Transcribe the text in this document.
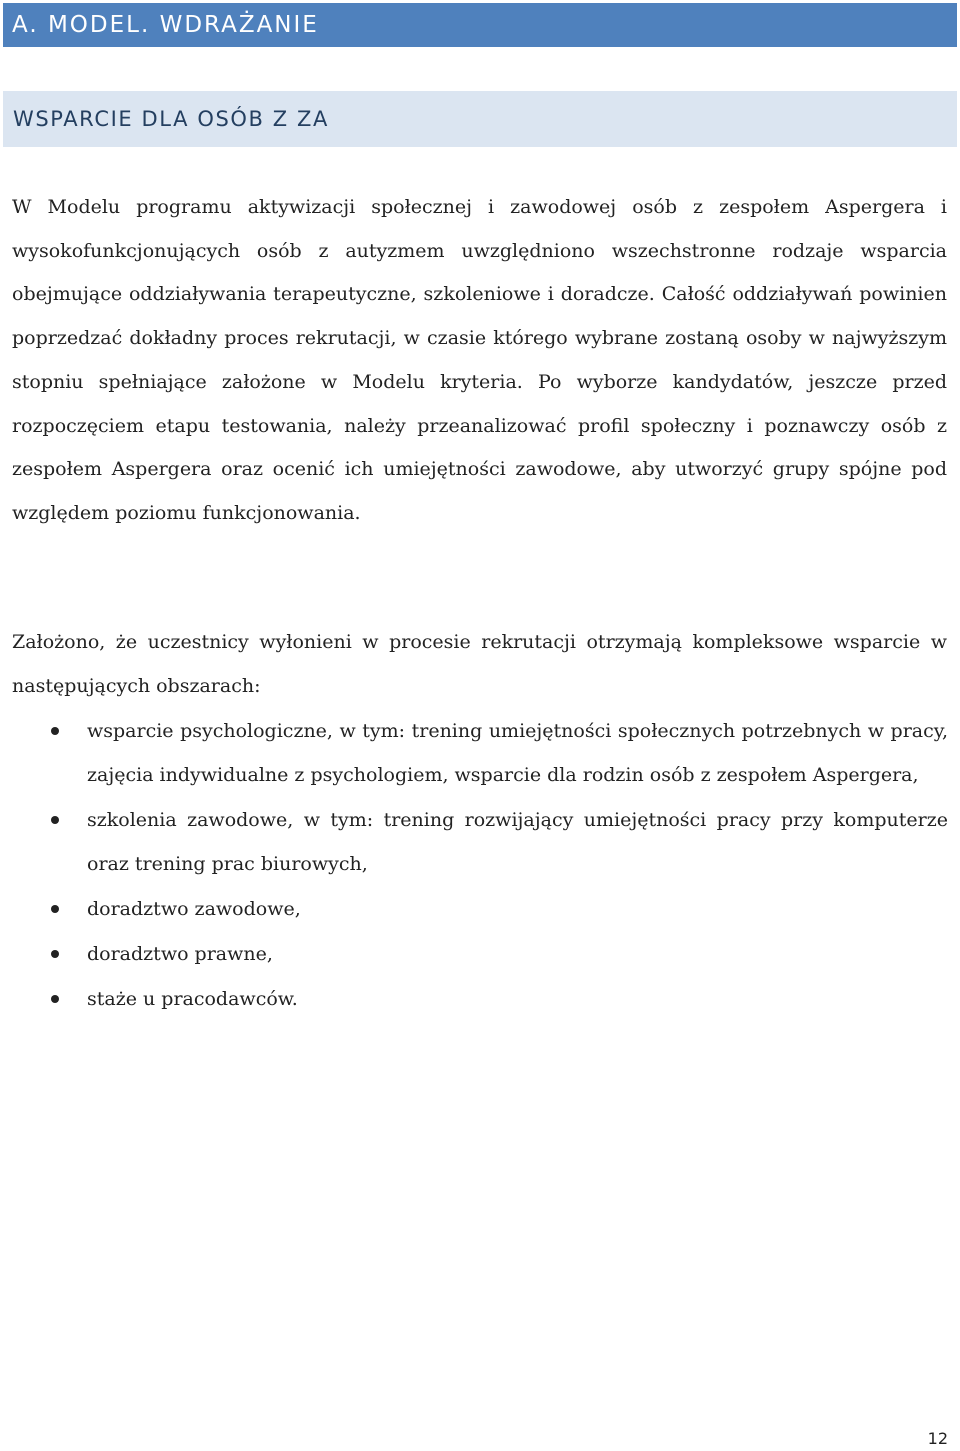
A. MODEL. WDRAŻANIE
WSPARCIE DLA OSÓB Z ZA

W Modelu programu aktywizacji społecznej i zawodowej osób z zespołem Aspergera i wysokofunkcjonujących osób z autyzmem uwzględniono wszechstronne rodzaje wsparcia obejmujące oddziaływania terapeutyczne, szkoleniowe i doradcze. Całość oddziaływań powinien poprzedzać dokładny proces rekrutacji, w czasie którego wybrane zostaną osoby w najwyższym stopniu spełniające założone w Modelu kryteria. Po wyborze kandydatów, jeszcze przed rozpoczęciem etapu testowania, należy przeanalizować profil społeczny i poznawczy osób z zespołem Aspergera oraz ocenić ich umiejętności zawodowe, aby utworzyć grupy spójne pod względem poziomu funkcjonowania.

Założono, że uczestnicy wyłonieni w procesie rekrutacji otrzymają kompleksowe wsparcie w następujących obszarach:

wsparcie psychologiczne, w tym: trening umiejętności społecznych potrzebnych w pracy, zajęcia indywidualne z psychologiem, wsparcie dla rodzin osób z zespołem Aspergera,
szkolenia zawodowe, w tym: trening rozwijający umiejętności pracy przy komputerze oraz trening prac biurowych,
doradztwo zawodowe,
doradztwo prawne,
staże u pracodawców.
12
